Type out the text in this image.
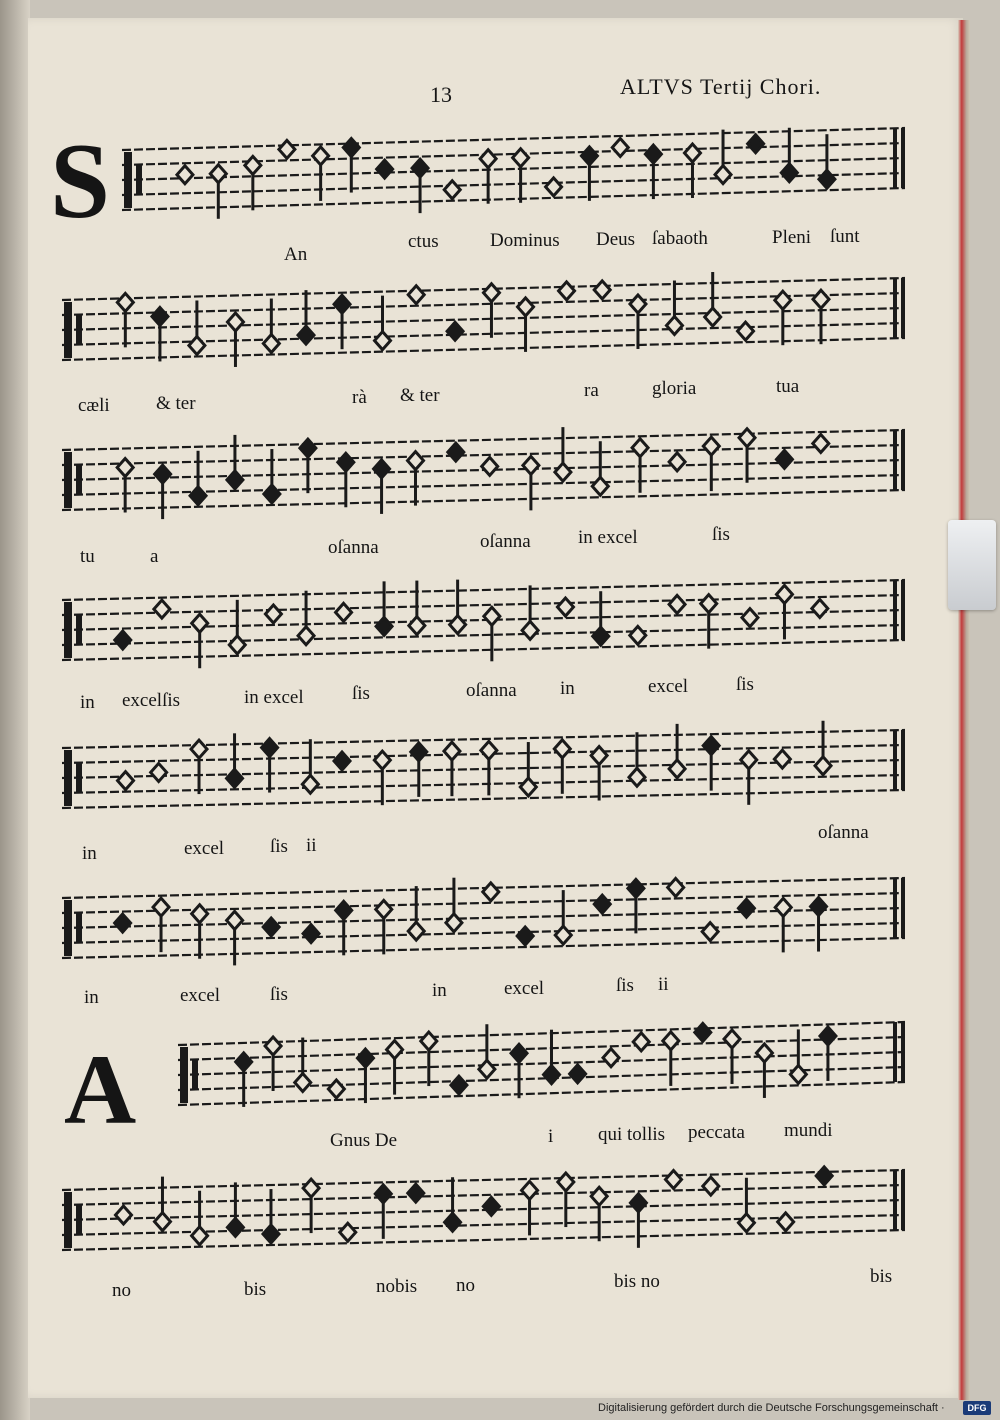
13	ALTVS Tertij Chori.
S
A
An
ctus	Dominus Deus ſabaoth	Pleni ſunt
cæli & ter	rà & ter	ra	gloria	tua
tu	a	oſanna	oſanna in excel	ſis
in excelſis	in excel	ſis	oſanna in	excel	ſis
in	excel ſis ii
oſanna
in	excel	ſis	in	excel	ſis ii
Gnus De	i qui tollis peccata mundi
no	bis	nobis no	bis no	bis
Digitalisierung gefördert durch die Deutsche Forschungsgemeinschaft ·	DFG
